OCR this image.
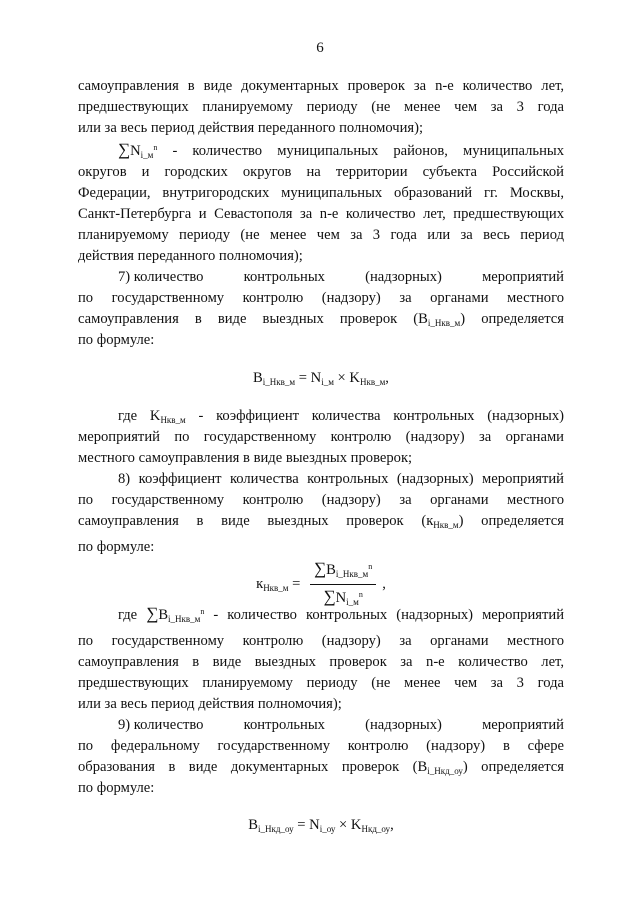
6
самоуправления в виде документарных проверок за n-е количество лет,
предшествующих планируемому периоду (не менее чем за 3 года
или за весь период действия переданного полномочия);
$\sum N_{i\_м}^n$ - количество муниципальных районов, муниципальных
округов и городских округов на территории субъекта Российской
Федерации, внутригородских муниципальных образований гг. Москвы,
Санкт-Петербурга и Севастополя за n-е количество лет, предшествующих
планируемому периоду (не менее чем за 3 года или за весь период
действия переданного полномочия);
7) количество	контрольных	(надзорных)	мероприятий
по государственному контролю (надзору) за органами местного
самоуправления в виде выездных проверок $(B_{i\_Нкв\_м})$ определяется
по формуле:
$B_{i\_Нкв\_м} = N_{i\_м} \times K_{Нкв\_м}$,
где $K_{Нкв\_м}$ - коэффициент количества контрольных (надзорных)
мероприятий по государственному контролю (надзору) за органами
местного самоуправления в виде выездных проверок;
8) коэффициент количества контрольных (надзорных) мероприятий
по государственному контролю (надзору) за органами местного
самоуправления в виде выездных проверок $(к_{Нкв\_м})$ определяется
по формуле:
$к_{Нкв\_м} = \frac{\sum B_{i\_Нкв\_м}^n}{\sum N_{i\_м}^n}$ ,
где $\sum B_{i\_Нкв\_м}^n$ - количество контрольных (надзорных) мероприятий
по государственному контролю (надзору) за органами местного
самоуправления в виде выездных проверок за n-е количество лет,
предшествующих планируемому периоду (не менее чем за 3 года
или за весь период действия полномочия);
9) количество	контрольных	(надзорных)	мероприятий
по федеральному государственному контролю (надзору) в сфере
образования в виде документарных проверок $(B_{i\_Нкд\_оу})$ определяется
по формуле:
$B_{i\_Нкд\_оу} = N_{i\_оу} \times K_{Нкд\_оу}$,
